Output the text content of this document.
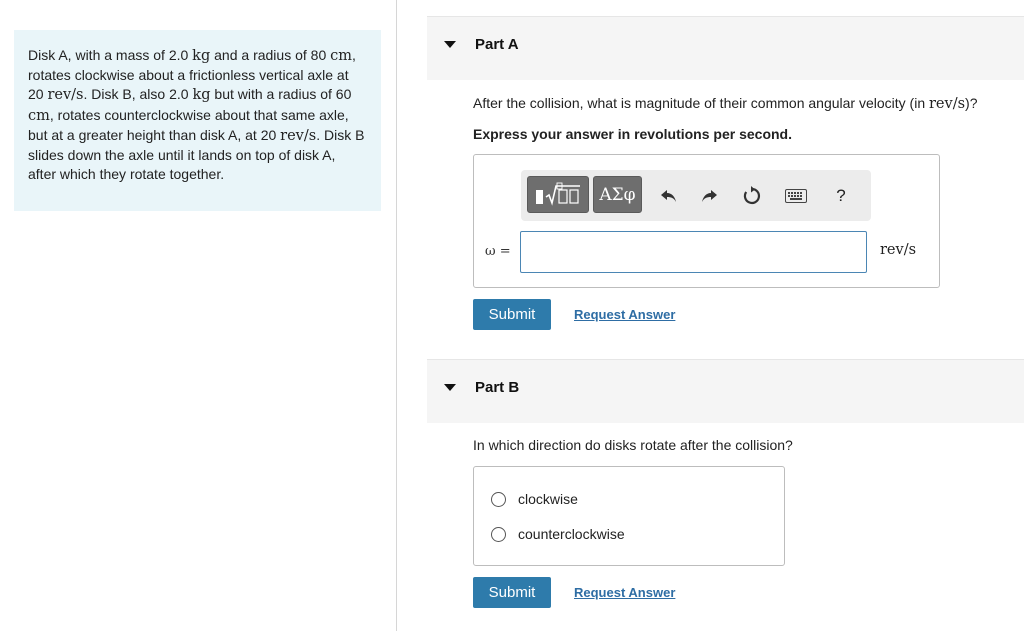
Disk A, with a mass of 2.0 kg and a radius of 80 cm, rotates clockwise about a frictionless vertical axle at 20 rev/s. Disk B, also 2.0 kg but with a radius of 60 cm, rotates counterclockwise about that same axle, but at a greater height than disk A, at 20 rev/s. Disk B slides down the axle until it lands on top of disk A, after which they rotate together.

Part A
After the collision, what is magnitude of their common angular velocity (in rev/s)?
Express your answer in revolutions per second.
ΑΣφ	?
ω =	rev/s
Submit	Request Answer
Part B
In which direction do disks rotate after the collision?
clockwise
counterclockwise
Submit	Request Answer
